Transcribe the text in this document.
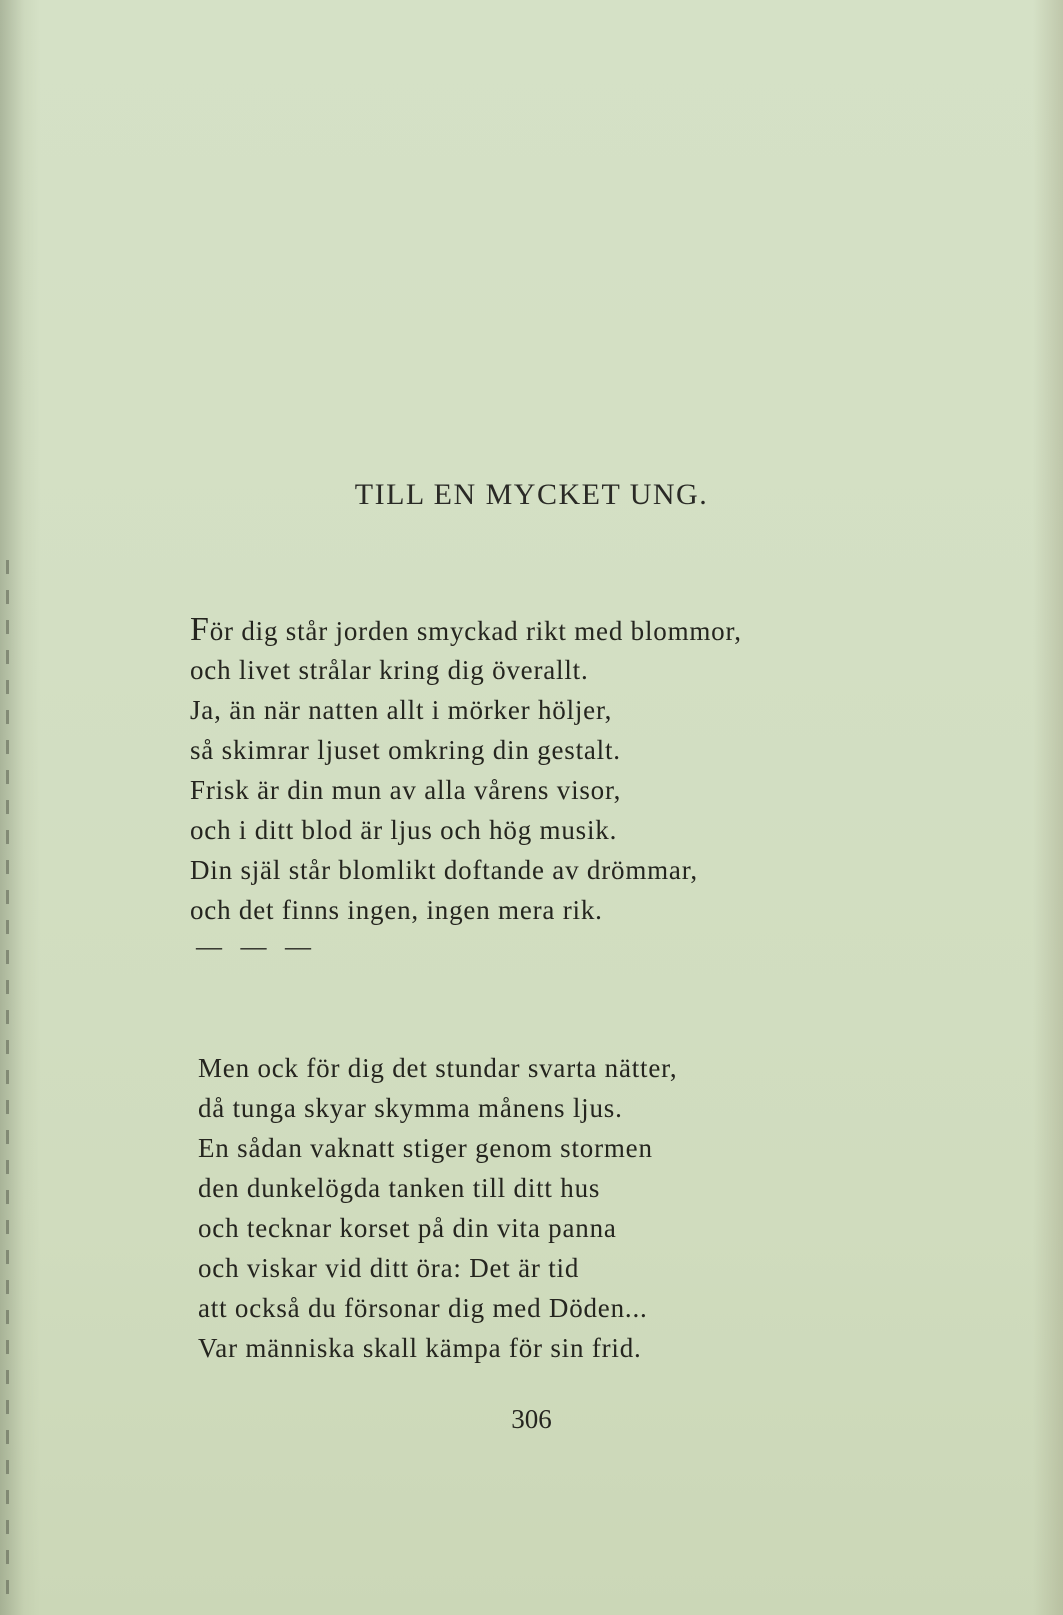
TILL EN MYCKET UNG.
För dig står jorden smyckad rikt med blommor,
och livet strålar kring dig överallt.
Ja, än när natten allt i mörker höljer,
så skimrar ljuset omkring din gestalt.
Frisk är din mun av alla vårens visor,
och i ditt blod är ljus och hög musik.
Din själ står blomlikt doftande av drömmar,
och det finns ingen, ingen mera rik.
— — —
Men ock för dig det stundar svarta nätter,
då tunga skyar skymma månens ljus.
En sådan vaknatt stiger genom stormen
den dunkelögda tanken till ditt hus
och tecknar korset på din vita panna
och viskar vid ditt öra: Det är tid
att också du försonar dig med Döden...
Var människa skall kämpa för sin frid.
306
